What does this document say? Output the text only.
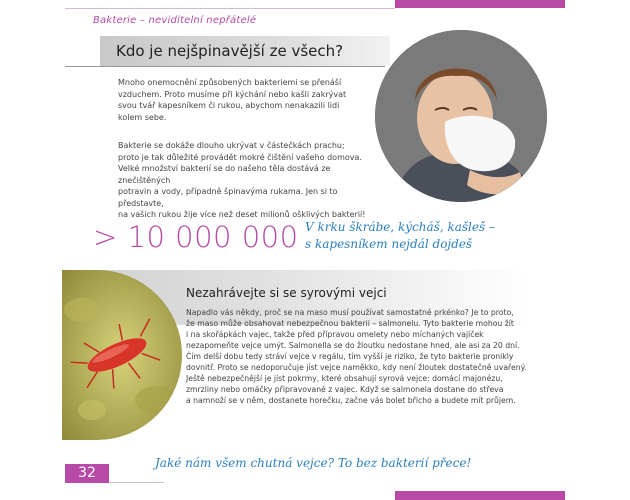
Bakterie – neviditelní nepřátelé
Kdo je nejšpinavější ze všech?
Mnoho onemocnění způsobených bakteriemi se přenáší
vzduchem. Proto musíme při kýchání nebo kašli zakrývat
svou tvář kapesníkem či rukou, abychom nenakazili lidi
kolem sebe.
Bakterie se dokáže dlouho ukrývat v částečkách prachu;
proto je tak důležité provádět mokré čištění vašeho domova.
Velké množství bakterií se do našeho těla dostává ze znečištěných
potravin a vody, případně špinavýma rukama. Jen si to představte,
na vašich rukou žije více než deset milionů ošklivých bakterií!
> 10 000 000 V krku škrábe, kýcháš, kašleš –
s kapesníkem nejdál dojdeš
Nezahrávejte si se syrovými vejci
Napadlo vás někdy, proč se na maso musí používat samostatné prkénko? Je to proto,
že maso může obsahovat nebezpečnou bakterii – salmonelu. Tyto bakterie mohou žít
i na skořápkách vajec, takže před přípravou omelety nebo míchaných vajíček
nezapomeňte vejce umýt. Salmonella se do žloutku nedostane hned, ale asi za 20 dní.
Čím delší dobu tedy stráví vejce v regálu, tím vyšší je riziko, že tyto bakterie pronikly
dovnitř. Proto se nedoporučuje jíst vejce naměkko, kdy není žloutek dostatečně uvařený.
Ještě nebezpečnější je jíst pokrmy, které obsahují syrová vejce: domácí majonézu,
zmrzliny nebo omáčky připravované z vajec. Když se salmonela dostane do střeva
a namnoží se v něm, dostanete horečku, začne vás bolet břicho a budete mít průjem.
32
Jaké nám všem chutná vejce? To bez bakterií přece!
